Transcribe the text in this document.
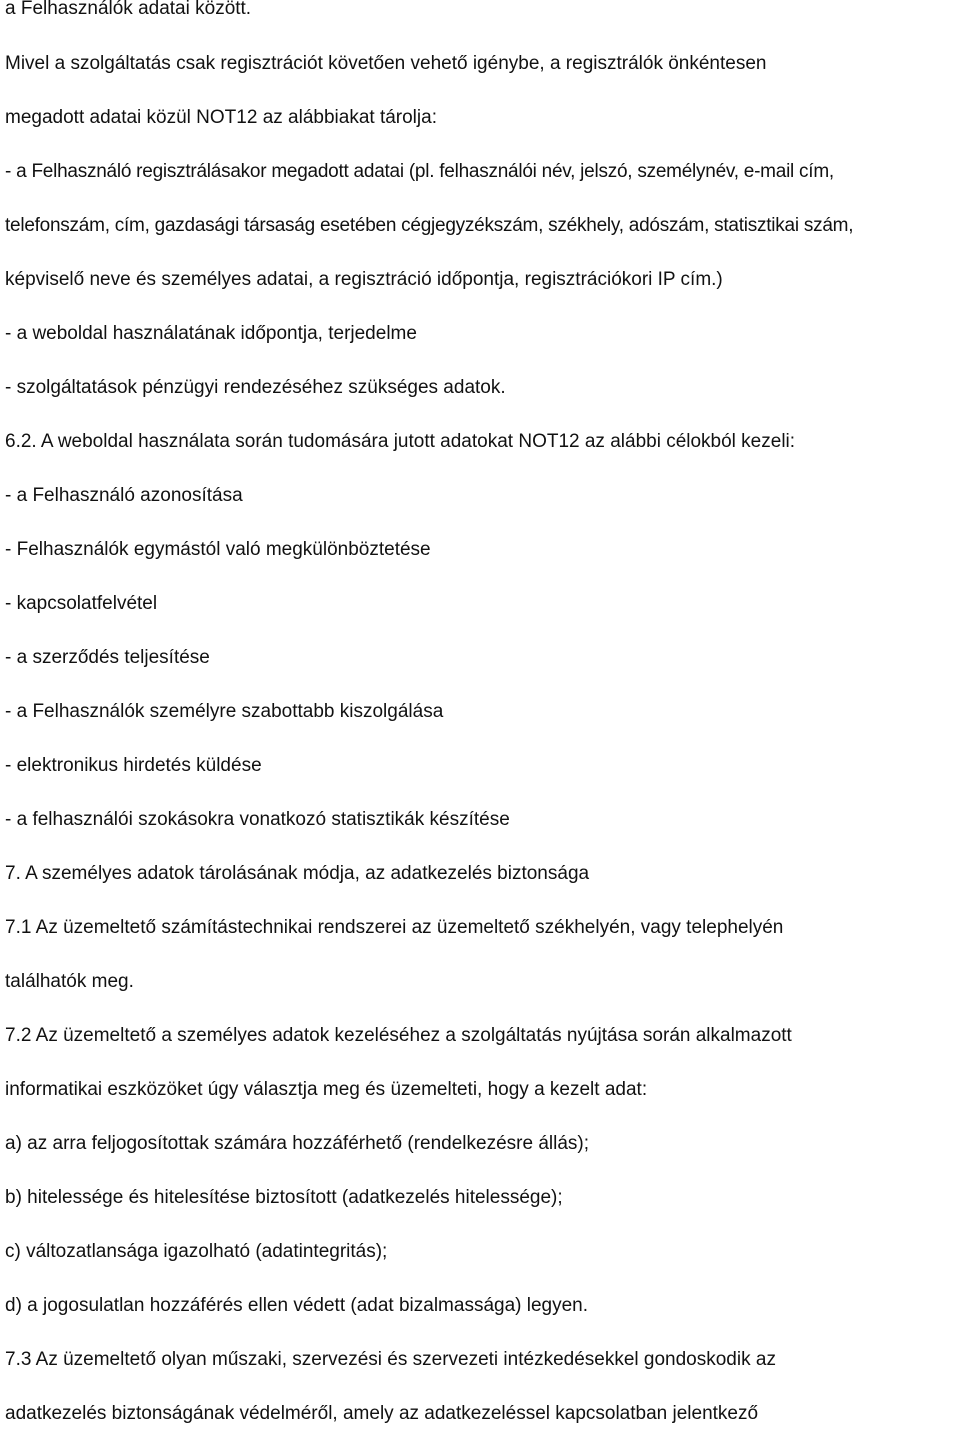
a Felhasználók adatai között.
Mivel a szolgáltatás csak regisztrációt követően vehető igénybe, a regisztrálók önkéntesen
megadott adatai közül NOT12 az alábbiakat tárolja:
- a Felhasználó regisztrálásakor megadott adatai (pl. felhasználói név, jelszó, személynév, e-mail cím,
telefonszám, cím, gazdasági társaság esetében cégjegyzékszám, székhely, adószám, statisztikai szám,
képviselő neve és személyes adatai, a regisztráció időpontja, regisztrációkori IP cím.)
- a weboldal használatának időpontja, terjedelme
- szolgáltatások pénzügyi rendezéséhez szükséges adatok.
6.2. A weboldal használata során tudomására jutott adatokat NOT12 az alábbi célokból kezeli:
- a Felhasználó azonosítása
- Felhasználók egymástól való megkülönböztetése
- kapcsolatfelvétel
- a szerződés teljesítése
- a Felhasználók személyre szabottabb kiszolgálása
- elektronikus hirdetés küldése
- a felhasználói szokásokra vonatkozó statisztikák készítése
7. A személyes adatok tárolásának módja, az adatkezelés biztonsága
7.1 Az üzemeltető számítástechnikai rendszerei az üzemeltető székhelyén, vagy telephelyén
találhatók meg.
7.2 Az üzemeltető a személyes adatok kezeléséhez a szolgáltatás nyújtása során alkalmazott
informatikai eszközöket úgy választja meg és üzemelteti, hogy a kezelt adat:
a) az arra feljogosítottak számára hozzáférhető (rendelkezésre állás);
b) hitelessége és hitelesítése biztosított (adatkezelés hitelessége);
c) változatlansága igazolható (adatintegritás);
d) a jogosulatlan hozzáférés ellen védett (adat bizalmassága) legyen.
7.3 Az üzemeltető olyan műszaki, szervezési és szervezeti intézkedésekkel gondoskodik az
adatkezelés biztonságának védelméről, amely az adatkezeléssel kapcsolatban jelentkező
